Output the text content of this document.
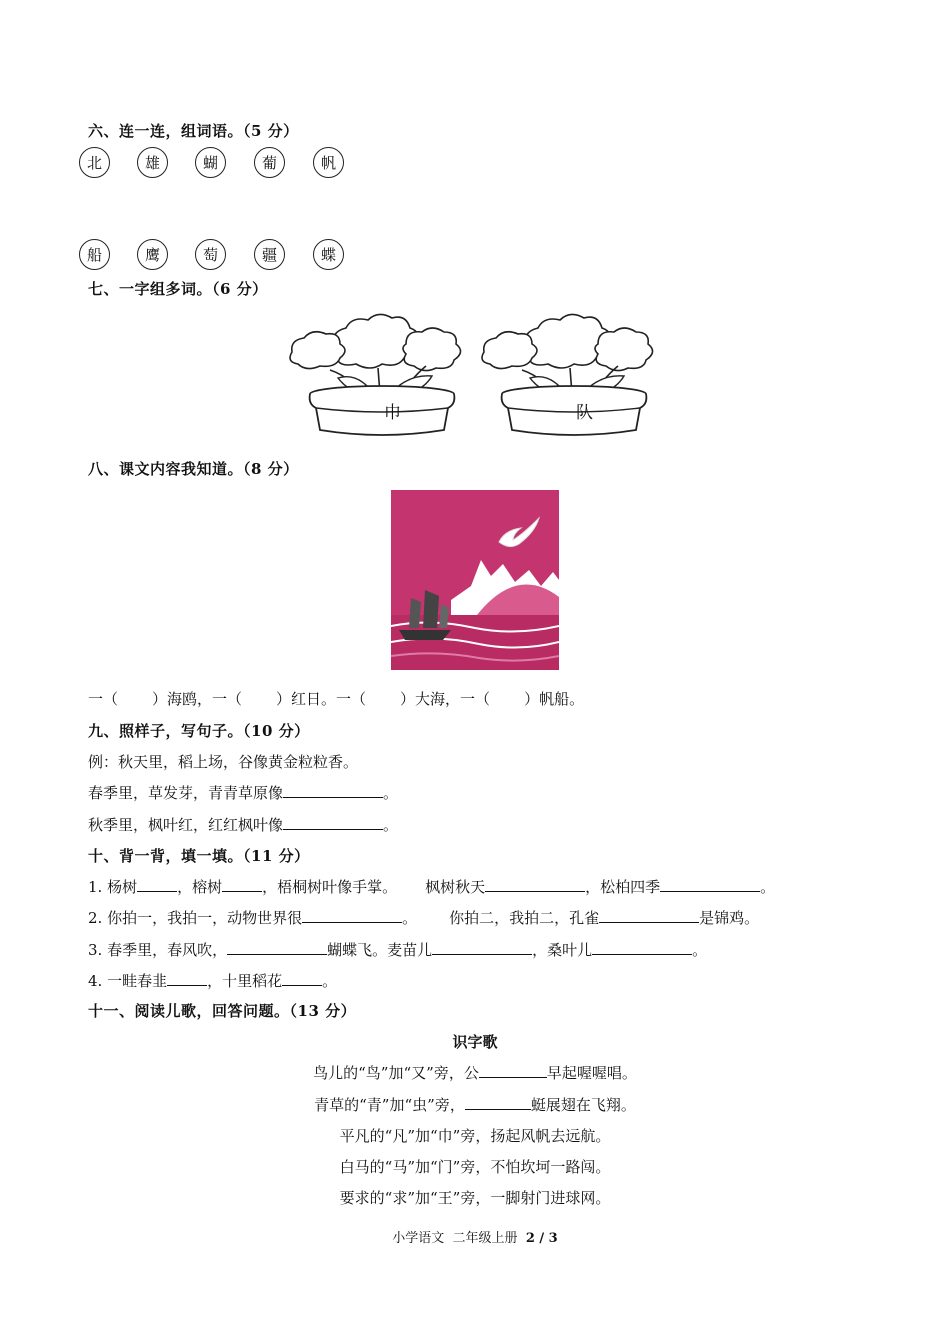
六、连一连，组词语。（5 分）
北	雄	蝴	葡	帆
船	鹰	萄	疆	蝶
七、一字组多词。（6 分）
巾	队
八、课文内容我知道。（8 分）
一（ ）海鸥，一（ ）红日。一（ ）大海，一（ ）帆船。
九、照样子，写句子。（10 分）
例：秋天里，稻上场，谷像黄金粒粒香。
春季里，草发芽，青青草原像	。
秋季里，枫叶红，红红枫叶像	。
十、背一背，填一填。（11 分）
1. 杨树	，榕树	，梧桐树叶像手掌。 枫树秋天	，松柏四季	。
2. 你拍一，我拍一，动物世界很	。 你拍二，我拍二，孔雀	是锦鸡。
3. 春季里，春风吹，	蝴蝶飞。麦苗儿	，桑叶儿	。
4. 一畦春韭	，十里稻花	。
十一、阅读儿歌，回答问题。（13 分）
识字歌
鸟儿的“鸟”加“又”旁，公	早起喔喔唱。
青草的“青”加“虫”旁，	蜓展翅在飞翔。
平凡的“凡”加“巾”旁，扬起风帆去远航。
白马的“马”加“门”旁，不怕坎坷一路闯。
要求的“求”加“王”旁，一脚射门进球网。
小学语文  二年级上册  2 / 3
